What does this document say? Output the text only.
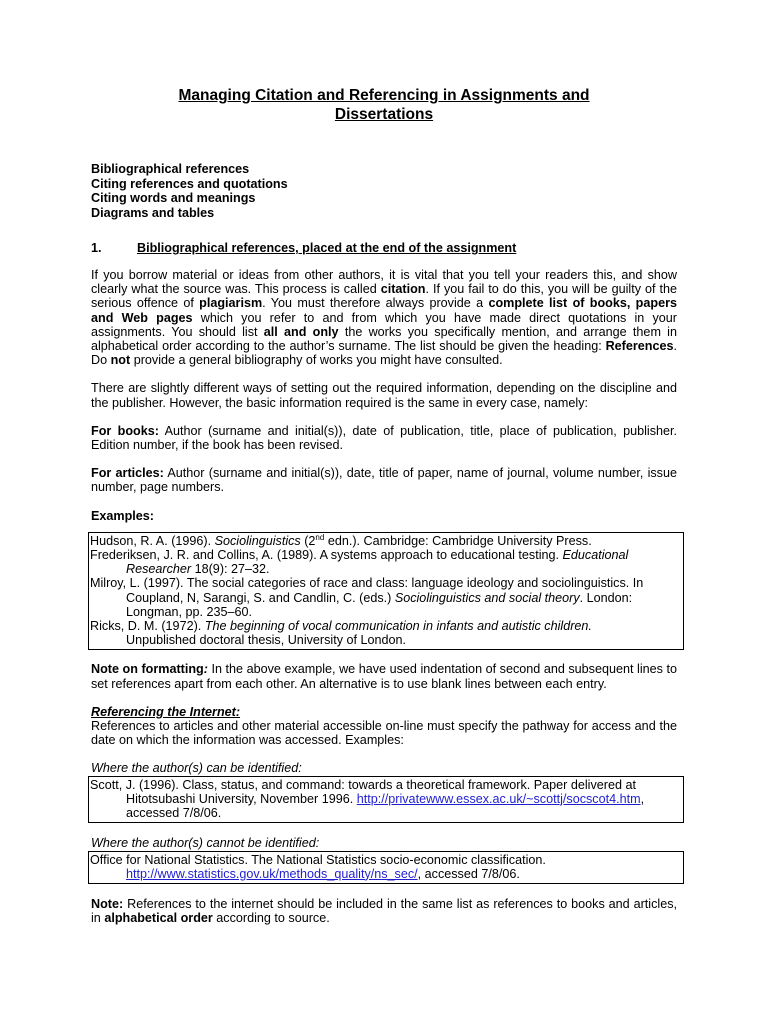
Managing Citation and Referencing in Assignments and
Dissertations
Bibliographical references
Citing references and quotations
Citing words and meanings
Diagrams and tables
1.	Bibliographical references, placed at the end of the assignment

If you borrow material or ideas from other authors, it is vital that you tell your readers this, and show clearly what the source was. This process is called citation. If you fail to do this, you will be guilty of the serious offence of plagiarism. You must therefore always provide a complete list of books, papers and Web pages which you refer to and from which you have made direct quotations in your assignments. You should list all and only the works you specifically mention, and arrange them in alphabetical order according to the author’s surname. The list should be given the heading: References. Do not provide a general bibliography of works you might have consulted.

There are slightly different ways of setting out the required information, depending on the discipline and the publisher. However, the basic information required is the same in every case, namely:

For books: Author (surname and initial(s)), date of publication, title, place of publication, publisher. Edition number, if the book has been revised.

For articles: Author (surname and initial(s)), date, title of paper, name of journal, volume number, issue number, page numbers.

Examples:

Hudson, R. A. (1996). Sociolinguistics (2nd edn.). Cambridge: Cambridge University Press.
Frederiksen, J. R. and Collins, A. (1989). A systems approach to educational testing. Educational
Researcher 18(9): 27–32.
Milroy, L. (1997). The social categories of race and class: language ideology and sociolinguistics. In
Coupland, N, Sarangi, S. and Candlin, C. (eds.) Sociolinguistics and social theory. London:
Longman, pp. 235–60.
Ricks, D. M. (1972). The beginning of vocal communication in infants and autistic children.
Unpublished doctoral thesis, University of London.

Note on formatting: In the above example, we have used indentation of second and subsequent lines to set references apart from each other. An alternative is to use blank lines between each entry.

Referencing the Internet:

References to articles and other material accessible on-line must specify the pathway for access and the date on which the information was accessed. Examples:

Where the author(s) can be identified:

Scott, J. (1996). Class, status, and command: towards a theoretical framework. Paper delivered at
Hitotsubashi University, November 1996. http://privatewww.essex.ac.uk/~scottj/socscot4.htm,
accessed 7/8/06.

Where the author(s) cannot be identified:

Office for National Statistics. The National Statistics socio-economic classification.
http://www.statistics.gov.uk/methods_quality/ns_sec/, accessed 7/8/06.

Note: References to the internet should be included in the same list as references to books and articles, in alphabetical order according to source.
